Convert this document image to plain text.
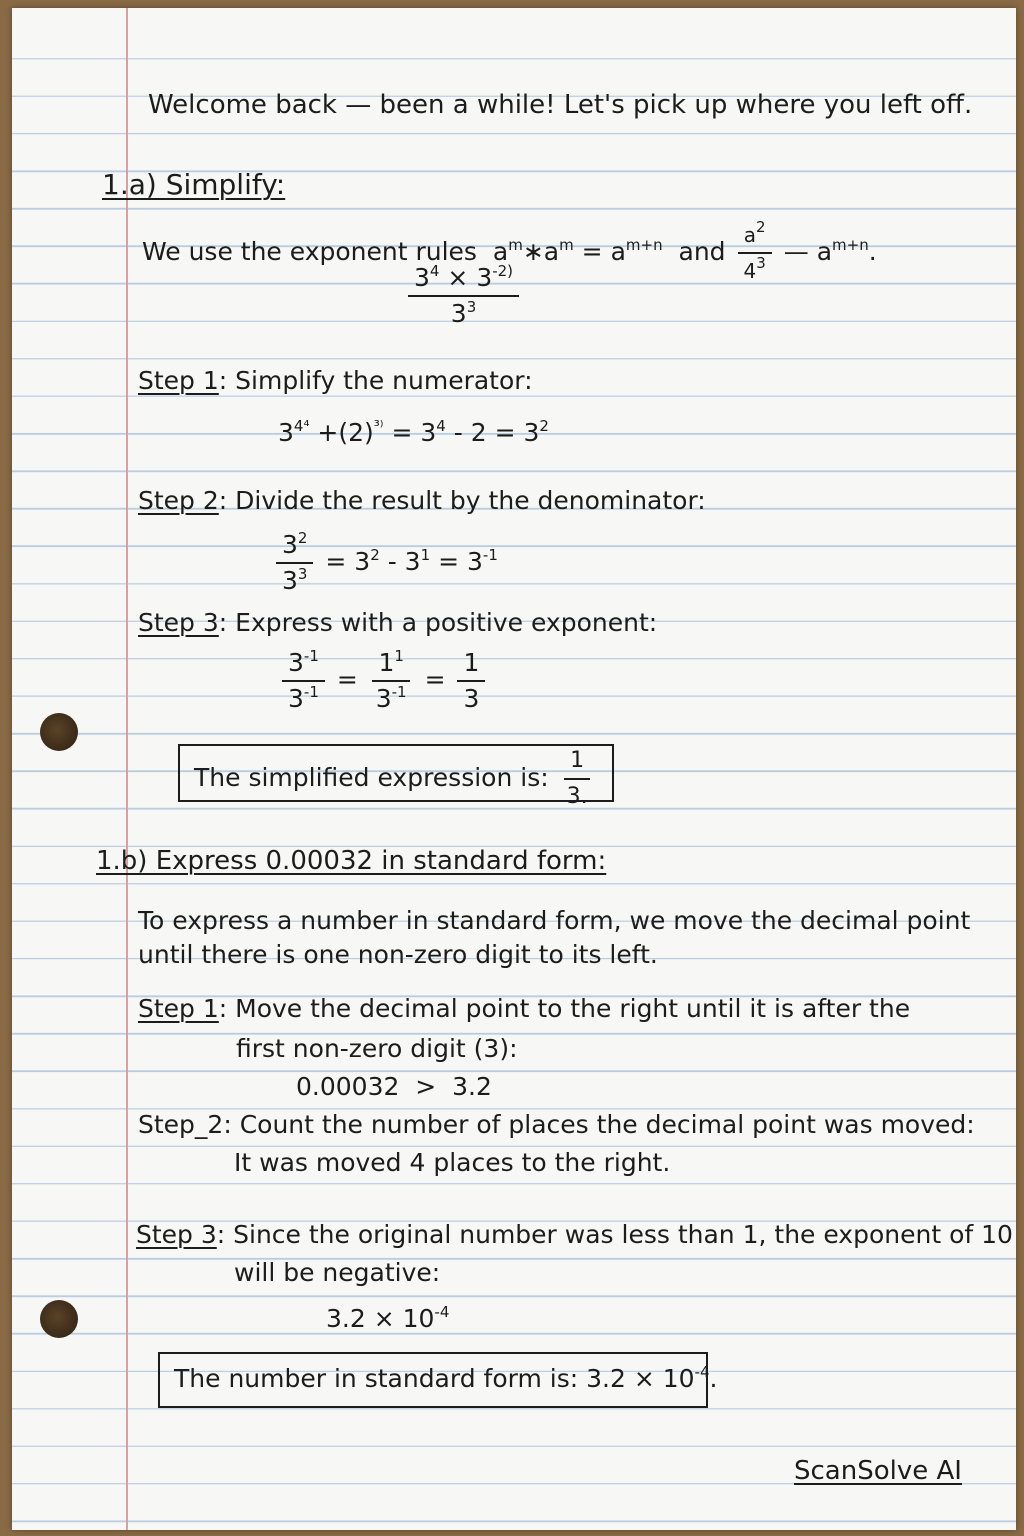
Welcome back — been a while! Let's pick up where you left off.
1.a) Simplify:
We use the exponent rules $a^m∗a^m = a^{m+n}$ and $\frac{a^2}{4^3}$ — $a^{m+n}$.
$\frac{3^4 \times 3^{-2)}}{3^3}$
Step 1: Simplify the numerator:
$3^{4^4} +(2)^{^{3)}} = 3^4 - 2 = 3^2$
Step 2: Divide the result by the denominator:
$\frac{3^2}{3^3} = 3^2 - 3^1 = 3^{-1}$
Step 3: Express with a positive exponent:
$\frac{3^{-1}}{3^{-1}} = \frac{1^1}{3^{-1}} = \frac{1}{3}$
The simplified expression is: $\frac{1}{3.}$
1.b) Express 0.00032 in standard form:
To express a number in standard form, we move the decimal point
until there is one non-zero digit to its left.
Step 1: Move the decimal point to the right until it is after the
first non-zero digit (3):
0.00032  >  3.2
Step_2: Count the number of places the decimal point was moved:
It was moved 4 places to the right.
Step 3: Since the original number was less than 1, the exponent of 10
will be negative:
$3.2 \times 10^{-4}$
The number in standard form is: $3.2 \times 10^{-4}$.
ScanSolve AI
